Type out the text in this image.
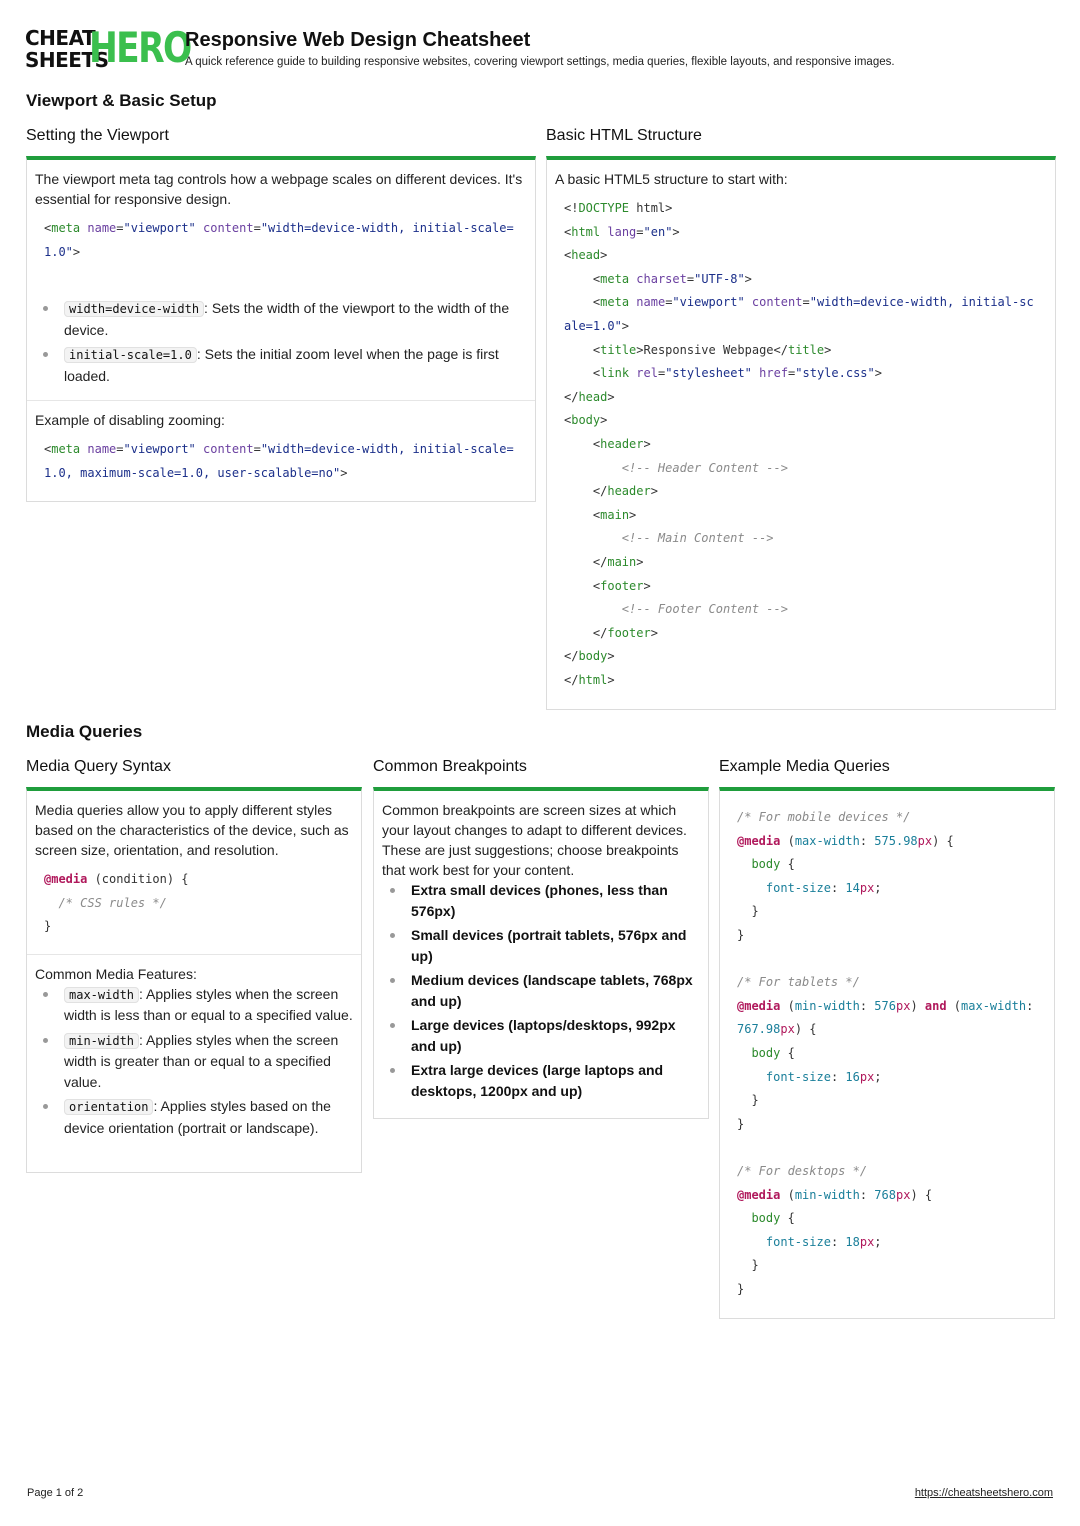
CHEAT
SHEETS
HERO
Responsive Web Design Cheatsheet
A quick reference guide to building responsive websites, covering viewport settings, media queries, flexible layouts, and responsive images.
Viewport & Basic Setup
Setting the Viewport

The viewport meta tag controls how a webpage scales on different devices. It's essential for responsive design.

<meta name="viewport" content="width=device-width, initial-scale=1.0">
width=device-width : Sets the width of the viewport to the width of the device.
initial-scale=1.0 : Sets the initial zoom level when the page is first loaded.

Example of disabling zooming:

<meta name="viewport" content="width=device-width, initial-scale=1.0, maximum-scale=1.0, user-scalable=no">
Basic HTML Structure

A basic HTML5 structure to start with:

<!DOCTYPE html>
<html lang="en">
<head>
<meta charset="UTF-8">
<meta name="viewport" content="width=device-width, initial-scale=1.0">
<title>Responsive Webpage</title>
<link rel="stylesheet" href="style.css">
</head>
<body>
<header>
<!-- Header Content -->
</header>
<main>
<!-- Main Content -->
</main>
<footer>
<!-- Footer Content -->
</footer>
</body>
</html>
Media Queries
Media Query Syntax

Media queries allow you to apply different styles based on the characteristics of the device, such as screen size, orientation, and resolution.

@media (condition) {
/* CSS rules */
}

Common Media Features:

max-width : Applies styles when the screen width is less than or equal to a specified value.
min-width : Applies styles when the screen width is greater than or equal to a specified value.
orientation : Applies styles based on the device orientation (portrait or landscape).
Common Breakpoints

Common breakpoints are screen sizes at which your layout changes to adapt to different devices. These are just suggestions; choose breakpoints that work best for your content.

Extra small devices (phones, less than 576px)
Small devices (portrait tablets, 576px and up)
Medium devices (landscape tablets, 768px and up)
Large devices (laptops/desktops, 992px and up)
Extra large devices (large laptops and desktops, 1200px and up)
Example Media Queries
/* For mobile devices */
@media (max-width: 575.98px) {
body {
font-size: 14px;
}
}

/* For tablets */
@media (min-width: 576px) and (max-width: 767.98px) {
body {
font-size: 16px;
}
}

/* For desktops */
@media (min-width: 768px) {
body {
font-size: 18px;
}
}
Page 1 of 2	https://cheatsheetshero.com
